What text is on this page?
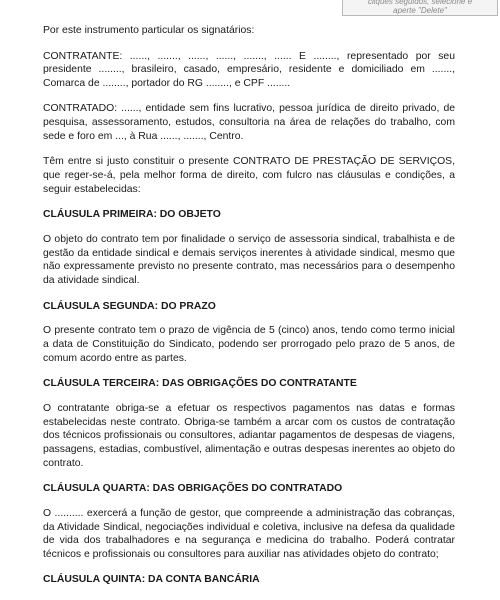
cliques seguidos, selecione e
aperte "Delete"

Por este instrumento particular os signatários:

CONTRATANTE: ......, ......., ......, ......, ......., ...... E ........, representado por seu presidente ........, brasileiro, casado, empresário, residente e domiciliado em ......., Comarca de ........, portador do RG ........, e CPF ........

CONTRATADO: ......, entidade sem fins lucrativo, pessoa jurídica de direito privado, de pesquisa, assessoramento, estudos, consultoria na área de relações do trabalho, com sede e foro em ..., à Rua ......, ......., Centro.

Têm entre si justo constituir o presente CONTRATO DE PRESTAÇÃO DE SERVIÇOS, que reger-se-á, pela melhor forma de direito, com fulcro nas cláusulas e condições, a seguir estabelecidas:

CLÁUSULA PRIMEIRA: DO OBJETO

O objeto do contrato tem por finalidade o serviço de assessoria sindical, trabalhista e de gestão da entidade sindical e demais serviços inerentes à atividade sindical, mesmo que não expressamente previsto no presente contrato, mas necessários para o desempenho da atividade sindical.

CLÁUSULA SEGUNDA: DO PRAZO

O presente contrato tem o prazo de vigência de 5 (cinco) anos, tendo como termo inicial a data de Constituição do Sindicato, podendo ser prorrogado pelo prazo de 5 anos, de comum acordo entre as partes.

CLÁUSULA TERCEIRA: DAS OBRIGAÇÕES DO CONTRATANTE

O contratante obriga-se a efetuar os respectivos pagamentos nas datas e formas estabelecidas neste contrato. Obriga-se também a arcar com os custos de contratação dos técnicos profissionais ou consultores, adiantar pagamentos de despesas de viagens, passagens, estadias, combustível, alimentação e outras despesas inerentes ao objeto do contrato.

CLÁUSULA QUARTA: DAS OBRIGAÇÕES DO CONTRATADO

O .......... exercerá a função de gestor, que compreende a administração das cobranças, da Atividade Sindical, negociações individual e coletiva, inclusive na defesa da qualidade de vida dos trabalhadores e na segurança e medicina do trabalho. Poderá contratar técnicos e profissionais ou consultores para auxiliar nas atividades objeto do contrato;

CLÁUSULA QUINTA: DA CONTA BANCÁRIA
